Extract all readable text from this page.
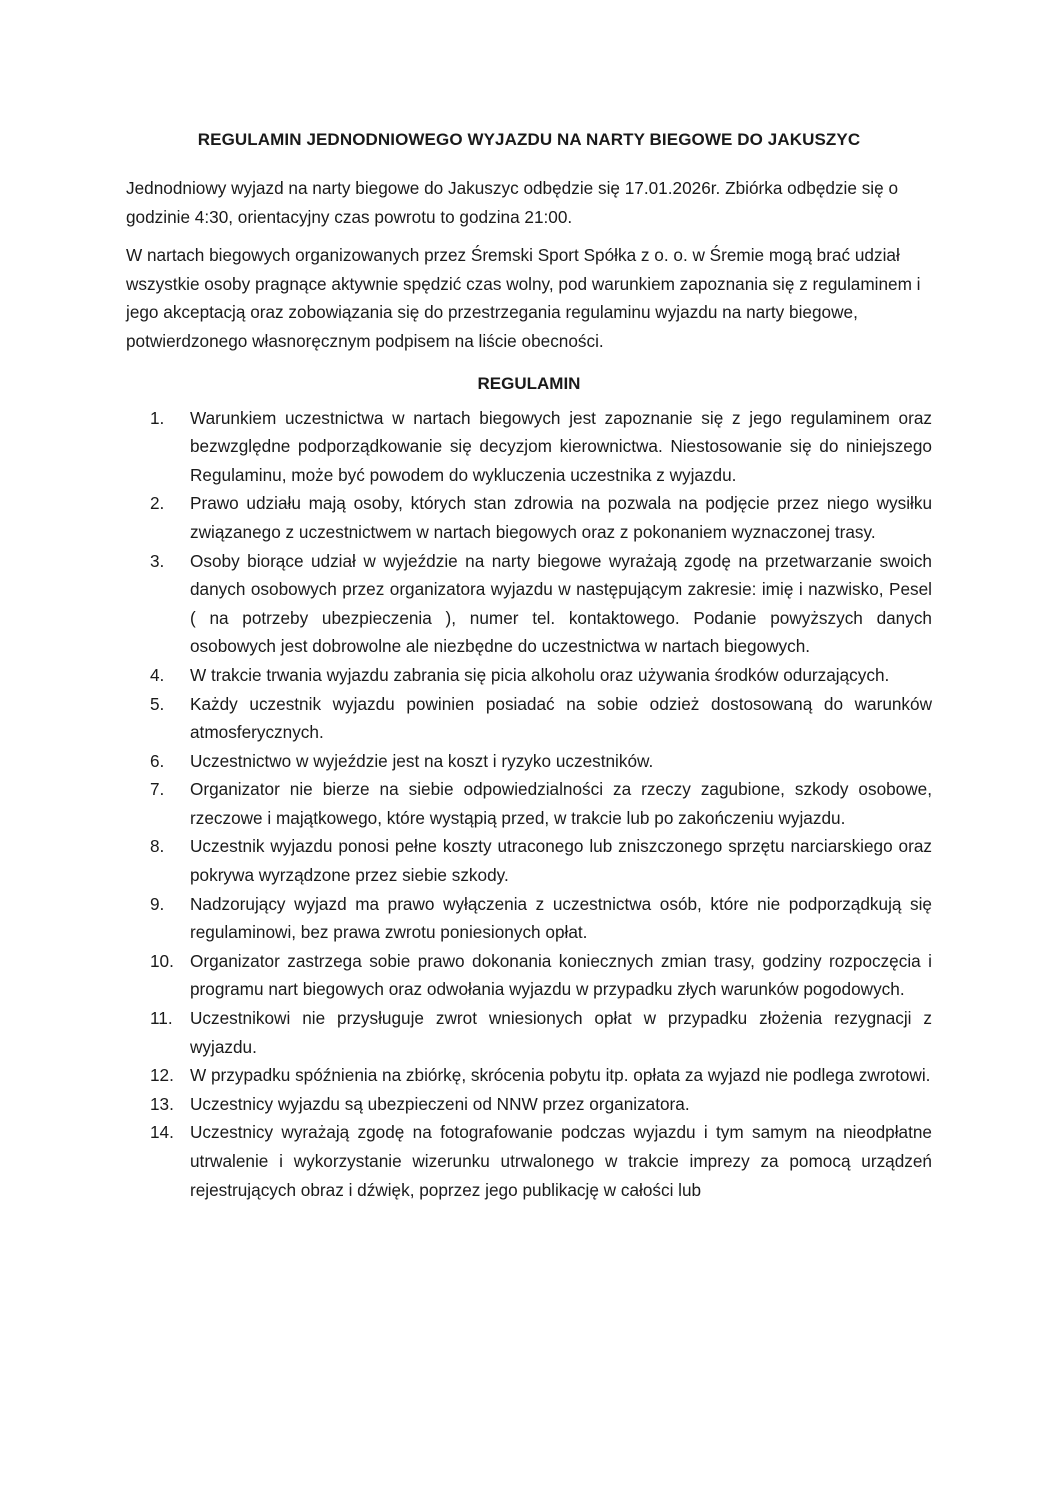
REGULAMIN JEDNODNIOWEGO WYJAZDU NA NARTY BIEGOWE DO JAKUSZYC

Jednodniowy wyjazd na narty biegowe do Jakuszyc odbędzie się 17.01.2026r. Zbiórka odbędzie się o godzinie 4:30, orientacyjny czas powrotu to godzina 21:00.

W nartach biegowych organizowanych przez Śremski Sport Spółka z o. o. w Śremie mogą brać udział wszystkie osoby pragnące aktywnie spędzić czas wolny, pod warunkiem zapoznania się z regulaminem i jego akceptacją oraz zobowiązania się do przestrzegania regulaminu wyjazdu na narty biegowe, potwierdzonego własnoręcznym podpisem na liście obecności.

REGULAMIN
1.	Warunkiem uczestnictwa w nartach biegowych jest zapoznanie się z jego regulaminem oraz bezwzględne podporządkowanie się decyzjom kierownictwa. Niestosowanie się do niniejszego Regulaminu, może być powodem do wykluczenia uczestnika z wyjazdu.
2.	Prawo udziału mają osoby, których stan zdrowia na pozwala na podjęcie przez niego wysiłku związanego z uczestnictwem w nartach biegowych oraz z pokonaniem wyznaczonej trasy.
3.	Osoby biorące udział w wyjeździe na narty biegowe wyrażają zgodę na przetwarzanie swoich danych osobowych przez organizatora wyjazdu w następującym zakresie: imię i nazwisko, Pesel ( na potrzeby ubezpieczenia ), numer tel. kontaktowego. Podanie powyższych danych osobowych jest dobrowolne ale niezbędne do uczestnictwa w nartach biegowych.
4.	W trakcie trwania wyjazdu zabrania się picia alkoholu oraz używania środków odurzających.
5.	Każdy uczestnik wyjazdu powinien posiadać na sobie odzież dostosowaną do warunków atmosferycznych.
6.	Uczestnictwo w wyjeździe jest na koszt i ryzyko uczestników.
7.	Organizator nie bierze na siebie odpowiedzialności za rzeczy zagubione, szkody osobowe, rzeczowe i majątkowego, które wystąpią przed, w trakcie lub po zakończeniu wyjazdu.
8.	Uczestnik wyjazdu ponosi pełne koszty utraconego lub zniszczonego sprzętu narciarskiego oraz pokrywa wyrządzone przez siebie szkody.
9.	Nadzorujący wyjazd ma prawo wyłączenia z uczestnictwa osób, które nie podporządkują się regulaminowi, bez prawa zwrotu poniesionych opłat.
10. Organizator zastrzega sobie prawo dokonania koniecznych zmian trasy, godziny rozpoczęcia i programu nart biegowych oraz odwołania wyjazdu w przypadku złych warunków pogodowych.
11.	Uczestnikowi nie przysługuje zwrot wniesionych opłat w przypadku złożenia rezygnacji z wyjazdu.
12. W przypadku spóźnienia na zbiórkę, skrócenia pobytu itp. opłata za wyjazd nie podlega zwrotowi.
13. Uczestnicy wyjazdu są ubezpieczeni od NNW przez organizatora.
14. Uczestnicy wyrażają zgodę na fotografowanie podczas wyjazdu i tym samym na nieodpłatne utrwalenie i wykorzystanie wizerunku utrwalonego w trakcie imprezy za pomocą urządzeń rejestrujących obraz i dźwięk, poprzez jego publikację w całości lub
